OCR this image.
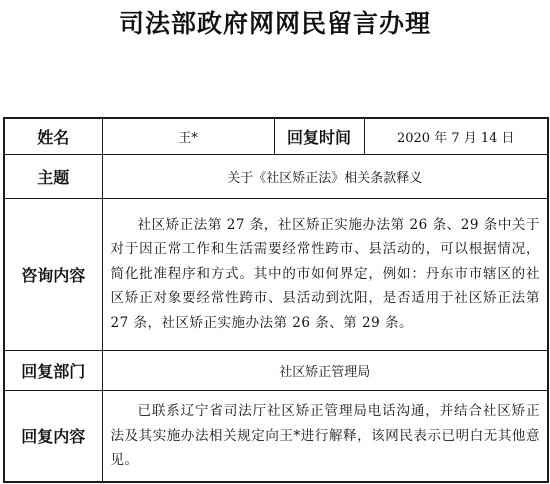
司法部政府网网民留言办理
姓名	王*	回复时间	2020 年 7 月 14 日
主题	关于《社区矫正法》相关条款释义		
咨询内容	社区矫正法第 27 条，社区矫正实施办法第 26 条、29 条中关于对于因正常工作和生活需要经常性跨市、县活动的，可以根据情况，简化批准程序和方式。其中的市如何界定，例如：丹东市市辖区的社区矫正对象要经常性跨市、县活动到沈阳，是否适用于社区矫正法第 27 条，社区矫正实施办法第 26 条、第 29 条。		
回复部门	社区矫正管理局		
回复内容	已联系辽宁省司法厅社区矫正管理局电话沟通，并结合社区矫正法及其实施办法相关规定向王*进行解释，该网民表示已明白无其他意见。		
